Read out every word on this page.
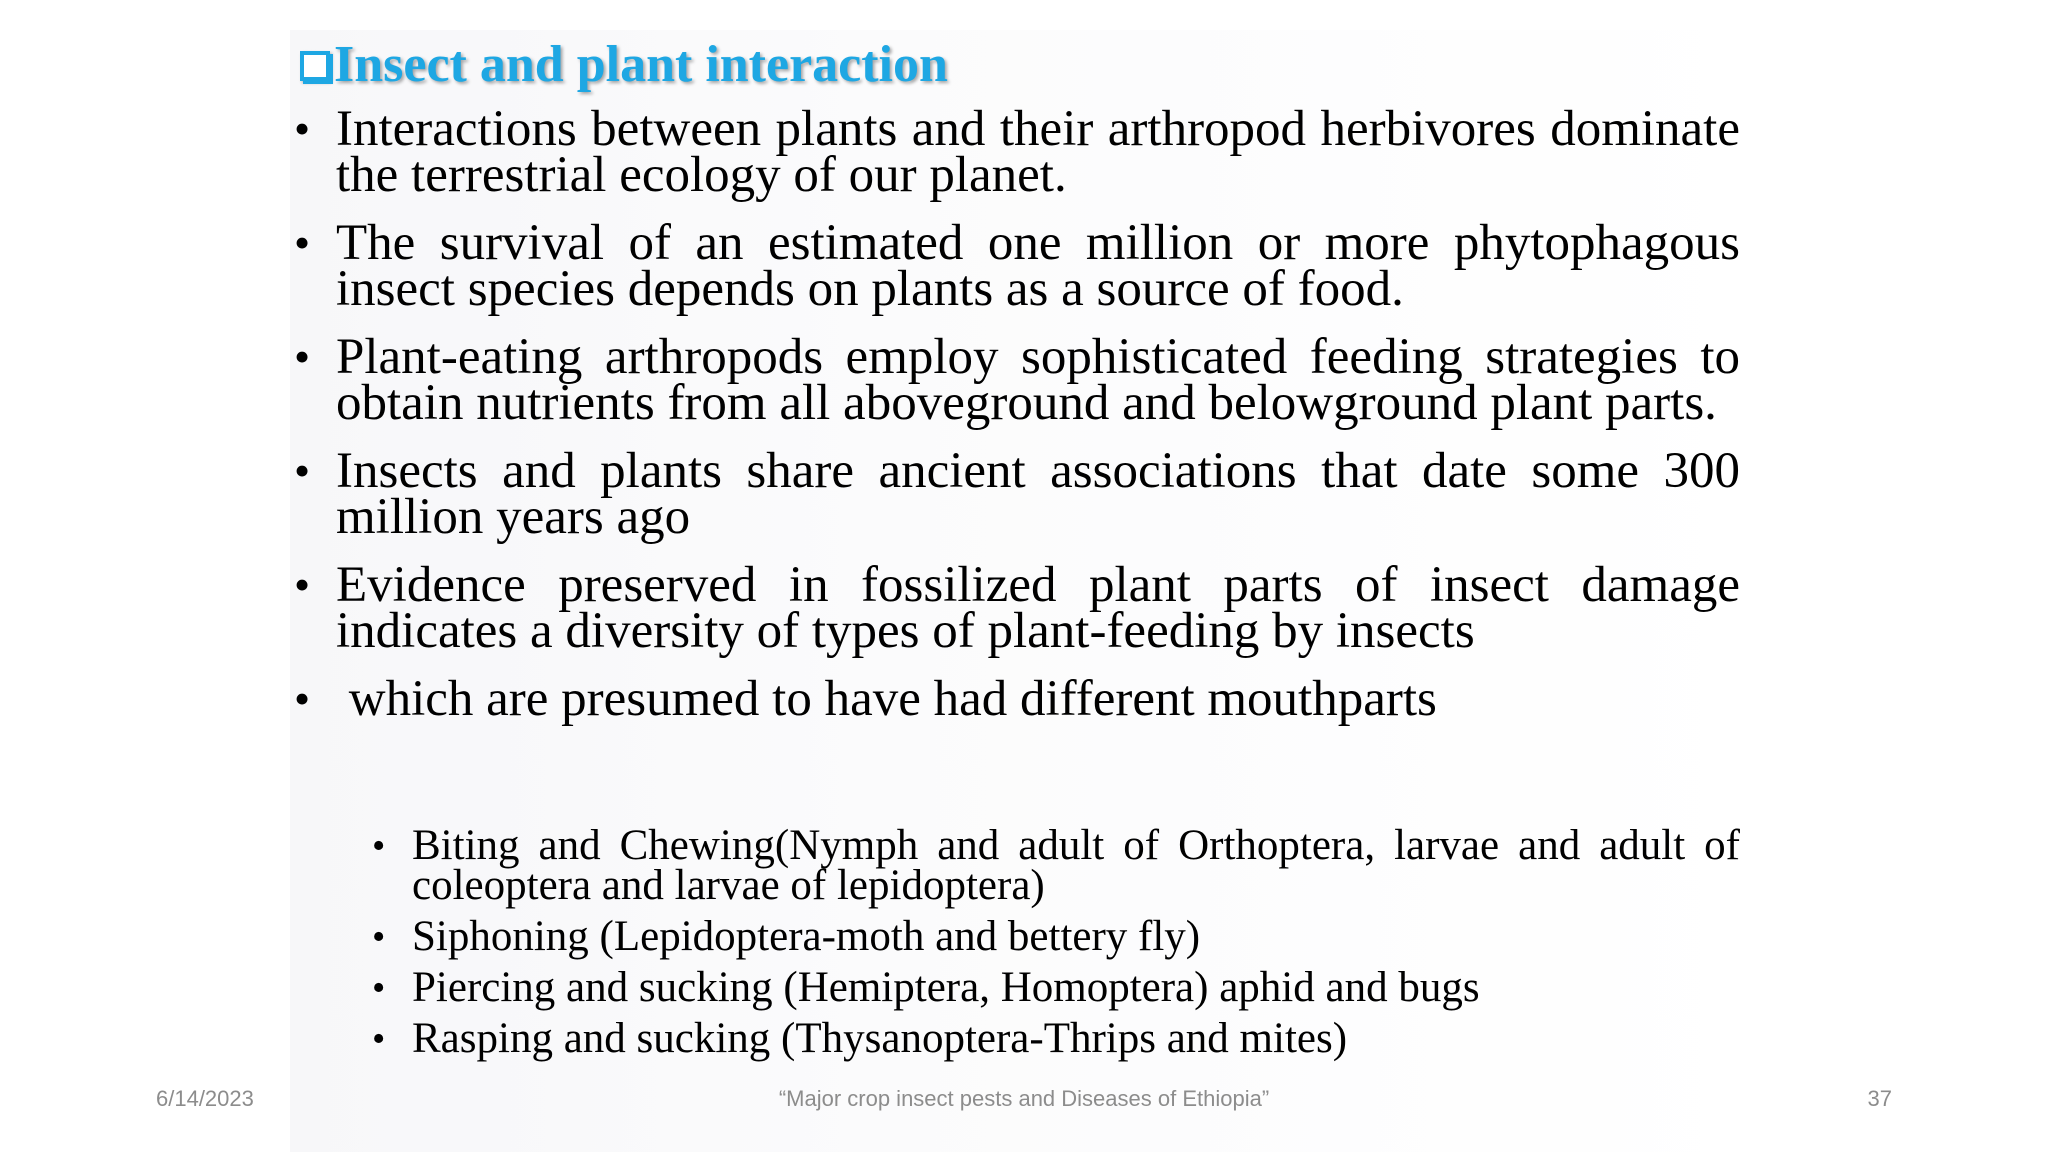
Insect and plant interaction
• Interactions between plants and their arthropod herbivores dominate the terrestrial ecology of our planet.
• The survival of an estimated one million or more phytophagous insect species depends on plants as a source of food.
• Plant-eating arthropods employ sophisticated feeding strategies to obtain nutrients from all aboveground and belowground plant parts.
• Insects and plants share ancient associations that date some 300 million years ago
• Evidence preserved in fossilized plant parts of insect damage indicates a diversity of types of plant-feeding by insects
• which are presumed to have had different mouthparts
• Biting and Chewing(Nymph and adult of Orthoptera, larvae and adult of coleoptera and larvae of lepidoptera)
• Siphoning (Lepidoptera-moth and bettery fly)
• Piercing and sucking (Hemiptera, Homoptera) aphid and bugs
• Rasping and sucking (Thysanoptera-Thrips and mites)
6/14/2023	“Major crop insect pests and Diseases of Ethiopia”	37
